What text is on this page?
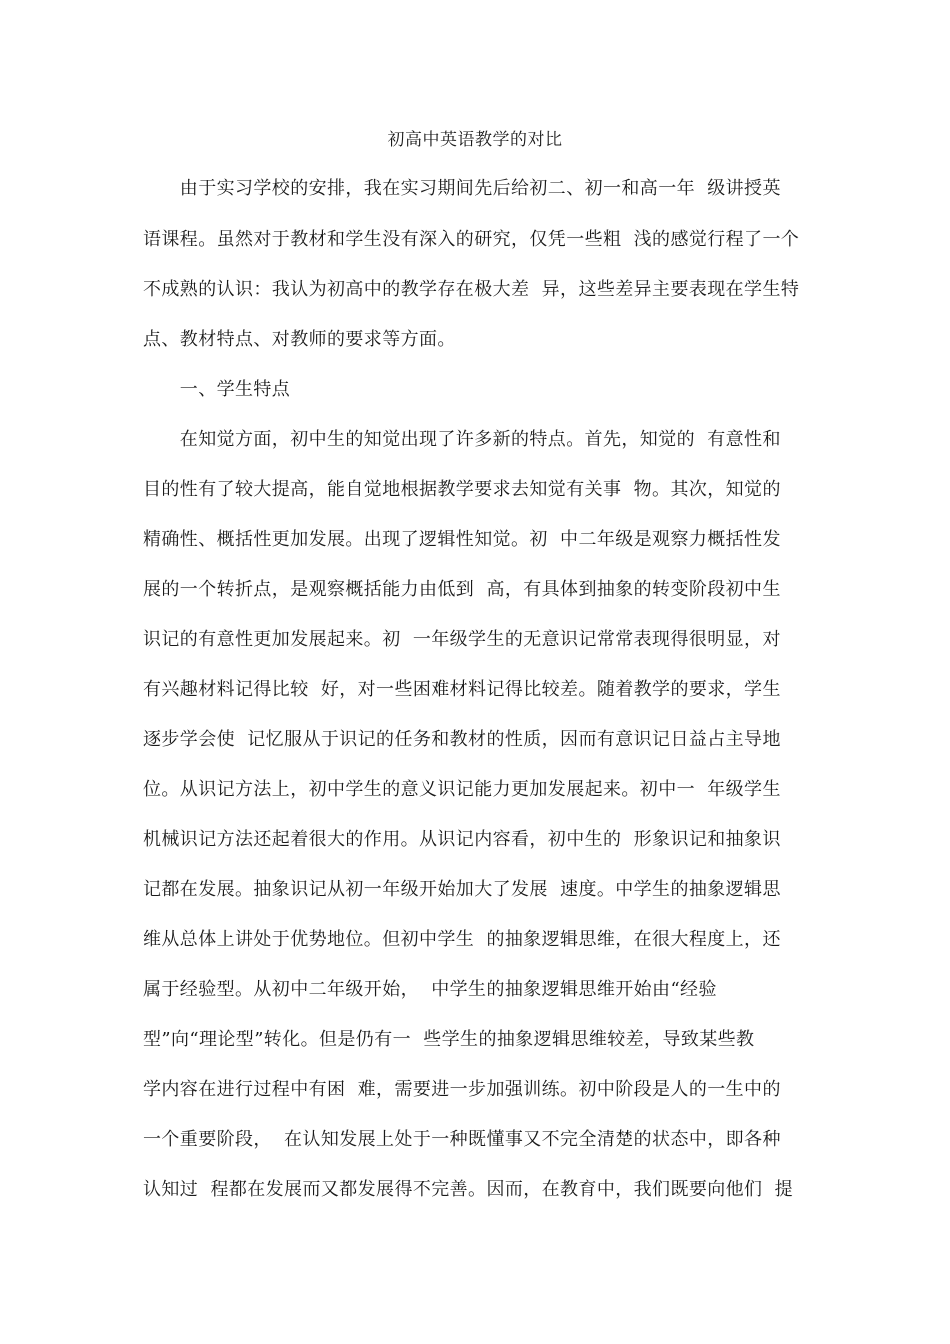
初高中英语教学的对比
　　由于实习学校的安排，我在实习期间先后给初二、初一和高一年  级讲授英
语课程。虽然对于教材和学生没有深入的研究，仅凭一些粗  浅的感觉行程了一个
不成熟的认识：我认为初高中的教学存在极大差  异，这些差异主要表现在学生特
点、教材特点、对教师的要求等方面。
　　一、学生特点
　　在知觉方面，初中生的知觉出现了许多新的特点。首先，知觉的  有意性和
目的性有了较大提高，能自觉地根据教学要求去知觉有关事  物。其次，知觉的
精确性、概括性更加发展。出现了逻辑性知觉。初  中二年级是观察力概括性发
展的一个转折点，是观察概括能力由低到  高，有具体到抽象的转变阶段初中生
识记的有意性更加发展起来。初  一年级学生的无意识记常常表现得很明显，对
有兴趣材料记得比较  好，对一些困难材料记得比较差。随着教学的要求，学生
逐步学会使  记忆服从于识记的任务和教材的性质，因而有意识记日益占主导地
位。从识记方法上，初中学生的意义识记能力更加发展起来。初中一  年级学生
机械识记方法还起着很大的作用。从识记内容看，初中生的  形象识记和抽象识
记都在发展。抽象识记从初一年级开始加大了发展  速度。中学生的抽象逻辑思
维从总体上讲处于优势地位。但初中学生  的抽象逻辑思维，在很大程度上，还
属于经验型。从初中二年级开始，  中学生的抽象逻辑思维开始由“经验
型”向“理论型”转化。但是仍有一  些学生的抽象逻辑思维较差，导致某些教
学内容在进行过程中有困  难，需要进一步加强训练。初中阶段是人的一生中的
一个重要阶段，  在认知发展上处于一种既懂事又不完全清楚的状态中，即各种
认知过  程都在发展而又都发展得不完善。因而，在教育中，我们既要向他们  提
